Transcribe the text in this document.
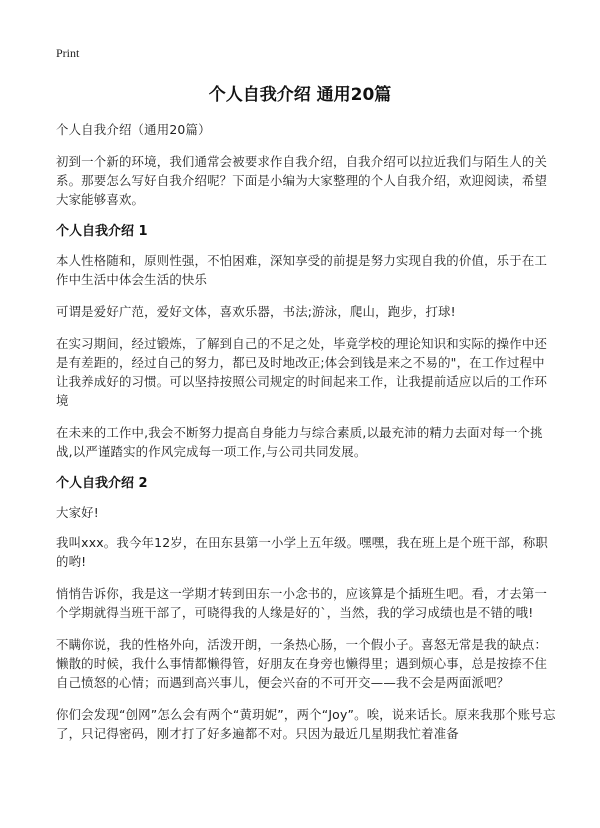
Print
个人自我介绍 通用20篇

个人自我介绍（通用20篇）

初到一个新的环境，我们通常会被要求作自我介绍，自我介绍可以拉近我们与陌生人的关系。那要怎么写好自我介绍呢？下面是小编为大家整理的个人自我介绍，欢迎阅读，希望大家能够喜欢。

个人自我介绍 1

本人性格随和，原则性强，不怕困难，深知享受的前提是努力实现自我的价值，乐于在工作中生活中体会生活的快乐

可谓是爱好广范，爱好文体，喜欢乐器，书法;游泳，爬山，跑步，打球!

在实习期间，经过锻炼，了解到自己的不足之处，毕竟学校的理论知识和实际的操作中还是有差距的，经过自己的努力，都已及时地改正;体会到钱是来之不易的"，在工作过程中让我养成好的习惯。可以坚持按照公司规定的时间起来工作，让我提前适应以后的工作环境

在未来的工作中,我会不断努力提高自身能力与综合素质,以最充沛的精力去面对每一个挑战,以严谨踏实的作风完成每一项工作,与公司共同发展。

个人自我介绍 2

大家好!

我叫xxx。我今年12岁，在田东县第一小学上五年级。嘿嘿，我在班上是个班干部，称职的哟!

悄悄告诉你，我是这一学期才转到田东一小念书的，应该算是个插班生吧。看，才去第一个学期就得当班干部了，可晓得我的人缘是好的`，当然，我的学习成绩也是不错的哦!

不瞒你说，我的性格外向，活泼开朗，一条热心肠，一个假小子。喜怒无常是我的缺点：懒散的时候，我什么事情都懒得管，好朋友在身旁也懒得里；遇到烦心事，总是按捺不住自己愤怒的心情；而遇到高兴事儿，便会兴奋的不可开交——我不会是两面派吧？

你们会发现“创网”怎么会有两个“黄玥妮”，两个“Joy”。唉，说来话长。原来我那个账号忘了，只记得密码，刚才打了好多遍都不对。只因为最近几星期我忙着准备
